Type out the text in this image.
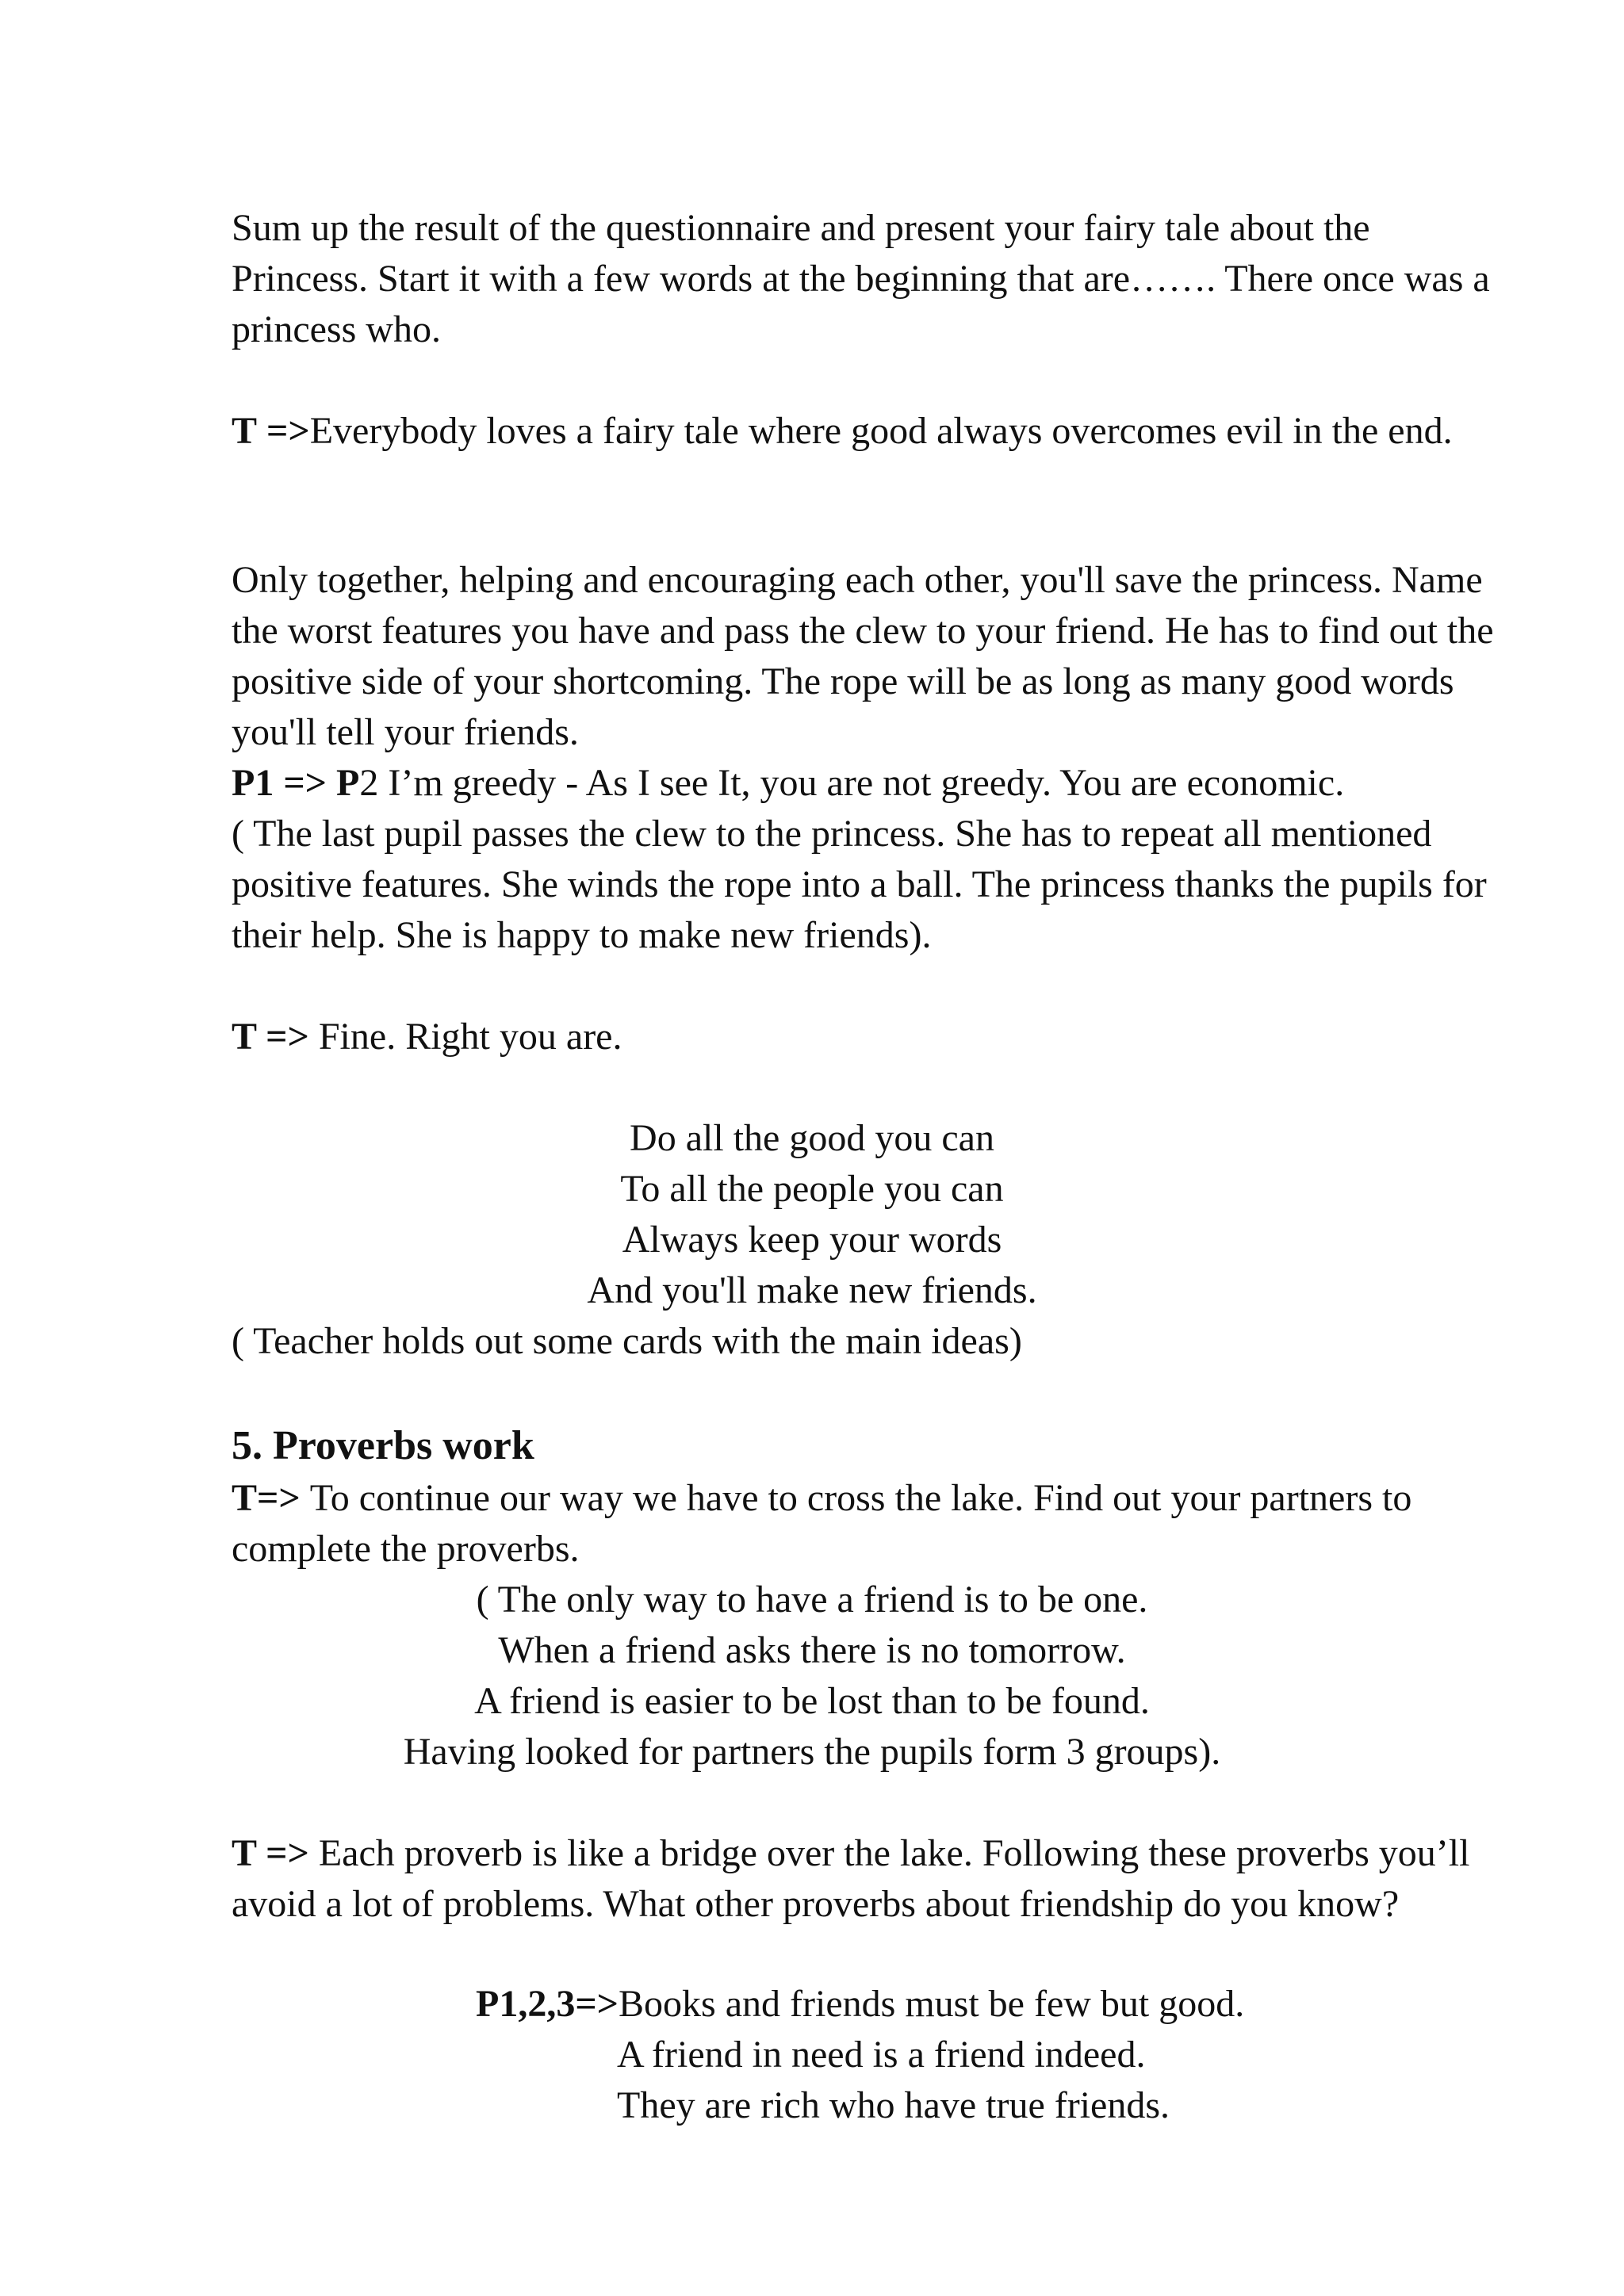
Sum up the result of the questionnaire and present your fairy tale about the
Princess. Start it with a few words at the beginning that are……. There once was a
princess who.
T =>Everybody loves a fairy tale where good always overcomes evil in the end.
Only together, helping and encouraging each other, you'll save the princess. Name
the worst features you have and pass the clew to your friend. He has to find out the
positive side of your shortcoming. The rope will be as long as many good words
you'll tell your friends.
P1 => P2 I’m greedy - As I see It, you are not greedy. You are economic.
( The last pupil passes the clew to the princess. She has to repeat all mentioned
positive features. She winds the rope into a ball. The princess thanks the pupils for
their help. She is happy to make new friends).
T => Fine. Right you are.
Do all the good you can
To all the people you can
Always keep your words
And you'll make new friends.
( Teacher holds out some cards with the main ideas)
5. Proverbs work
T=> To continue our way we have to cross the lake. Find out your partners to
complete the proverbs.
( The only way to have a friend is to be one.
When a friend asks there is no tomorrow.
A friend is easier to be lost than to be found.
Having looked for partners the pupils form 3 groups).
T => Each proverb is like a bridge over the lake. Following these proverbs you’ll
avoid a lot of problems. What other proverbs about friendship do you know?
P1,2,3=>Books and friends must be few but good.
A friend in need is a friend indeed.
They are rich who have true friends.
